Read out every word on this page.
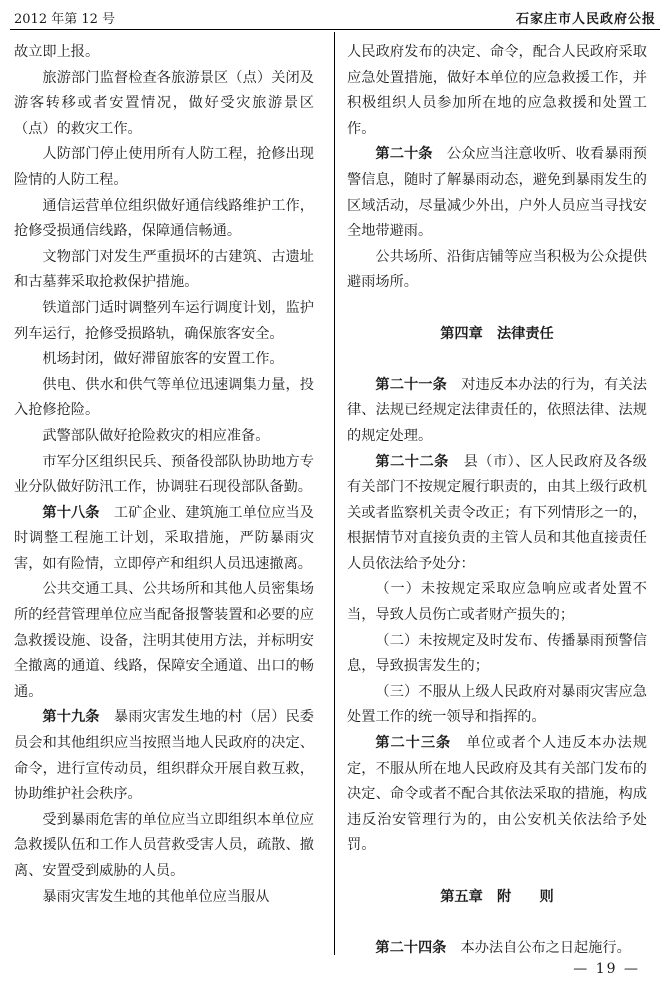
2012 年第 12 号	石家庄市人民政府公报

故立即上报。

旅游部门监督检查各旅游景区（点）关闭及游客转移或者安置情况，做好受灾旅游景区（点）的救灾工作。

人防部门停止使用所有人防工程，抢修出现险情的人防工程。

通信运营单位组织做好通信线路维护工作，抢修受损通信线路，保障通信畅通。

文物部门对发生严重损坏的古建筑、古遗址和古墓葬采取抢救保护措施。

铁道部门适时调整列车运行调度计划，监护列车运行，抢修受损路轨，确保旅客安全。

机场封闭，做好滞留旅客的安置工作。

供电、供水和供气等单位迅速调集力量，投入抢修抢险。

武警部队做好抢险救灾的相应准备。

市军分区组织民兵、预备役部队协助地方专业分队做好防汛工作，协调驻石现役部队备勤。

第十八条　工矿企业、建筑施工单位应当及时调整工程施工计划，采取措施，严防暴雨灾害，如有险情，立即停产和组织人员迅速撤离。

公共交通工具、公共场所和其他人员密集场所的经营管理单位应当配备报警装置和必要的应急救援设施、设备，注明其使用方法，并标明安全撤离的通道、线路，保障安全通道、出口的畅通。

第十九条　暴雨灾害发生地的村（居）民委员会和其他组织应当按照当地人民政府的决定、命令，进行宣传动员，组织群众开展自救互救，协助维护社会秩序。

受到暴雨危害的单位应当立即组织本单位应急救援队伍和工作人员营救受害人员，疏散、撤离、安置受到威胁的人员。

暴雨灾害发生地的其他单位应当服从

人民政府发布的决定、命令，配合人民政府采取应急处置措施，做好本单位的应急救援工作，并积极组织人员参加所在地的应急救援和处置工作。

第二十条　公众应当注意收听、收看暴雨预警信息，随时了解暴雨动态，避免到暴雨发生的区域活动，尽量减少外出，户外人员应当寻找安全地带避雨。

公共场所、沿街店铺等应当积极为公众提供避雨场所。

第四章　法律责任

第二十一条　对违反本办法的行为，有关法律、法规已经规定法律责任的，依照法律、法规的规定处理。

第二十二条　县（市）、区人民政府及各级有关部门不按规定履行职责的，由其上级行政机关或者监察机关责令改正；有下列情形之一的，根据情节对直接负责的主管人员和其他直接责任人员依法给予处分：

（一）未按规定采取应急响应或者处置不当，导致人员伤亡或者财产损失的；

（二）未按规定及时发布、传播暴雨预警信息，导致损害发生的；

（三）不服从上级人民政府对暴雨灾害应急处置工作的统一领导和指挥的。

第二十三条　单位或者个人违反本办法规定，不服从所在地人民政府及其有关部门发布的决定、命令或者不配合其依法采取的措施，构成违反治安管理行为的，由公安机关依法给予处罚。

第五章　附　　则

第二十四条　本办法自公布之日起施行。

— 19 —
